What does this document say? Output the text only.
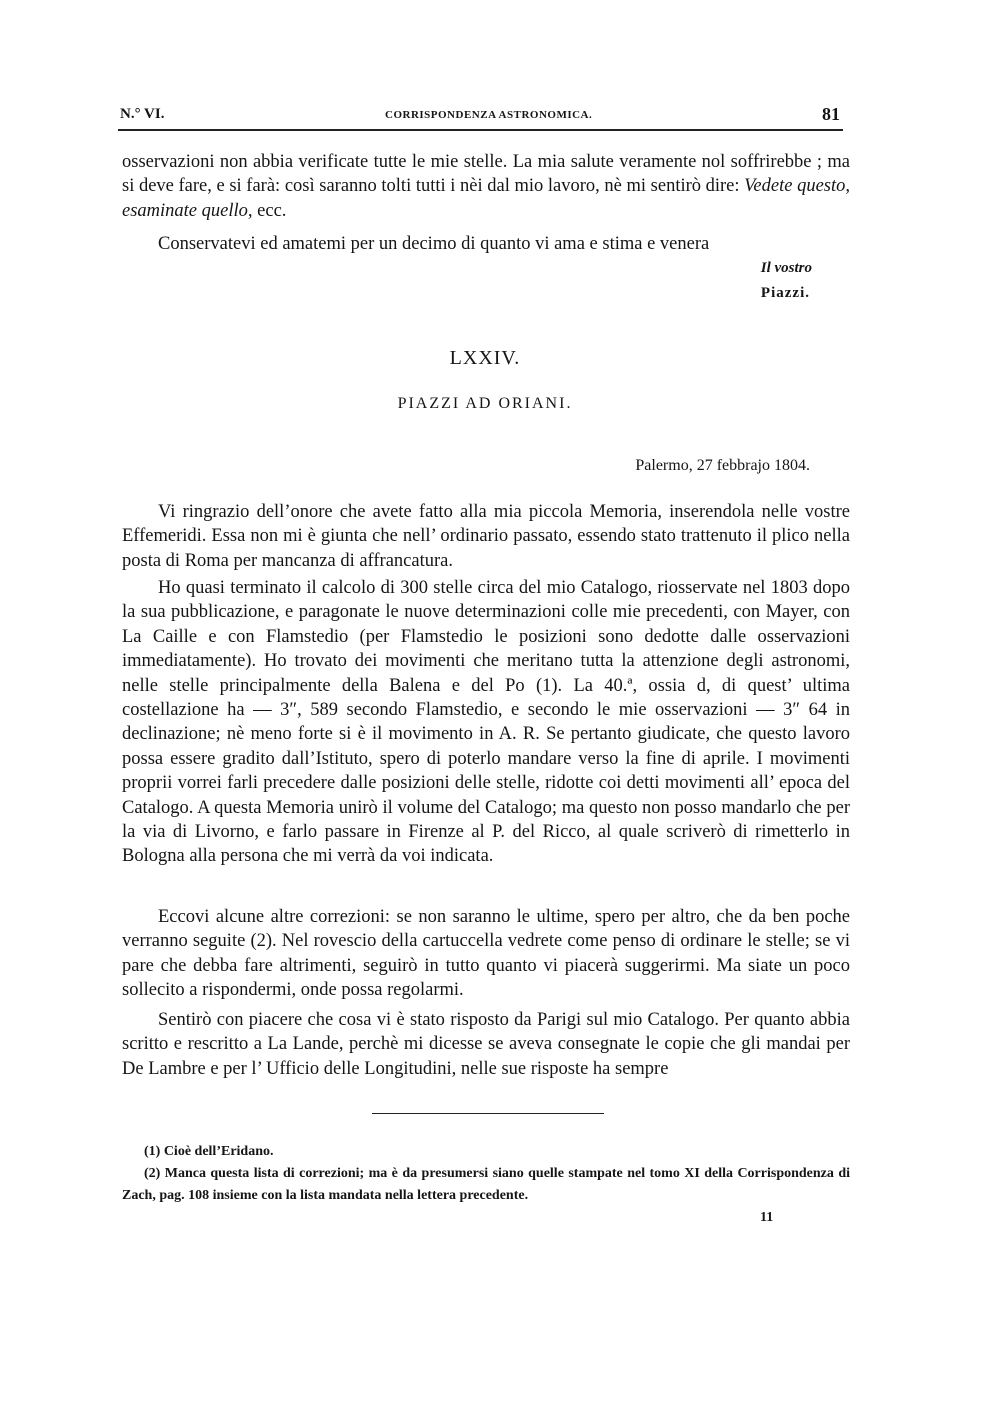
N.° VI.	CORRISPONDENZA ASTRONOMICA.	81

osservazioni non abbia verificate tutte le mie stelle. La mia salute veramente nol soffrirebbe ; ma si deve fare, e si farà: così saranno tolti tutti i nèi dal mio lavoro, nè mi sentirò dire: Vedete questo, esaminate quello, ecc.

Conservatevi ed amatemi per un decimo di quanto vi ama e stima e venera

Il vostro
Piazzi.
LXXIV.
PIAZZI AD ORIANI.
Palermo, 27 febbrajo 1804.

Vi ringrazio dell’onore che avete fatto alla mia piccola Memoria, inserendola nelle vostre Effemeridi. Essa non mi è giunta che nell’ ordinario passato, essendo stato trattenuto il plico nella posta di Roma per mancanza di affrancatura.

Ho quasi terminato il calcolo di 300 stelle circa del mio Catalogo, riosservate nel 1803 dopo la sua pubblicazione, e paragonate le nuove determinazioni colle mie precedenti, con Mayer, con La Caille e con Flamstedio (per Flamstedio le posizioni sono dedotte dalle osservazioni immediatamente). Ho trovato dei movimenti che meritano tutta la attenzione degli astronomi, nelle stelle principalmente della Balena e del Po (1). La 40.ª, ossia d, di quest’ ultima costellazione ha — 3″, 589 secondo Flamstedio, e secondo le mie osservazioni — 3″ 64 in declinazione; nè meno forte si è il movimento in A. R. Se pertanto giudicate, che questo lavoro possa essere gradito dall’Istituto, spero di poterlo mandare verso la fine di aprile. I movimenti proprii vorrei farli precedere dalle posizioni delle stelle, ridotte coi detti movimenti all’ epoca del Catalogo. A questa Memoria unirò il volume del Catalogo; ma questo non posso mandarlo che per la via di Livorno, e farlo passare in Firenze al P. del Ricco, al quale scriverò di rimetterlo in Bologna alla persona che mi verrà da voi indicata.

Eccovi alcune altre correzioni: se non saranno le ultime, spero per altro, che da ben poche verranno seguite (2). Nel rovescio della cartuccella vedrete come penso di ordinare le stelle; se vi pare che debba fare altrimenti, seguirò in tutto quanto vi piacerà suggerirmi. Ma siate un poco sollecito a rispondermi, onde possa regolarmi.

Sentirò con piacere che cosa vi è stato risposto da Parigi sul mio Catalogo. Per quanto abbia scritto e rescritto a La Lande, perchè mi dicesse se aveva consegnate le copie che gli mandai per De Lambre e per l’ Ufficio delle Longitudini, nelle sue risposte ha sempre

(1) Cioè dell’Eridano.

(2) Manca questa lista di correzioni; ma è da presumersi siano quelle stampate nel tomo XI della Corrispondenza di Zach, pag. 108 insieme con la lista mandata nella lettera precedente.

11
